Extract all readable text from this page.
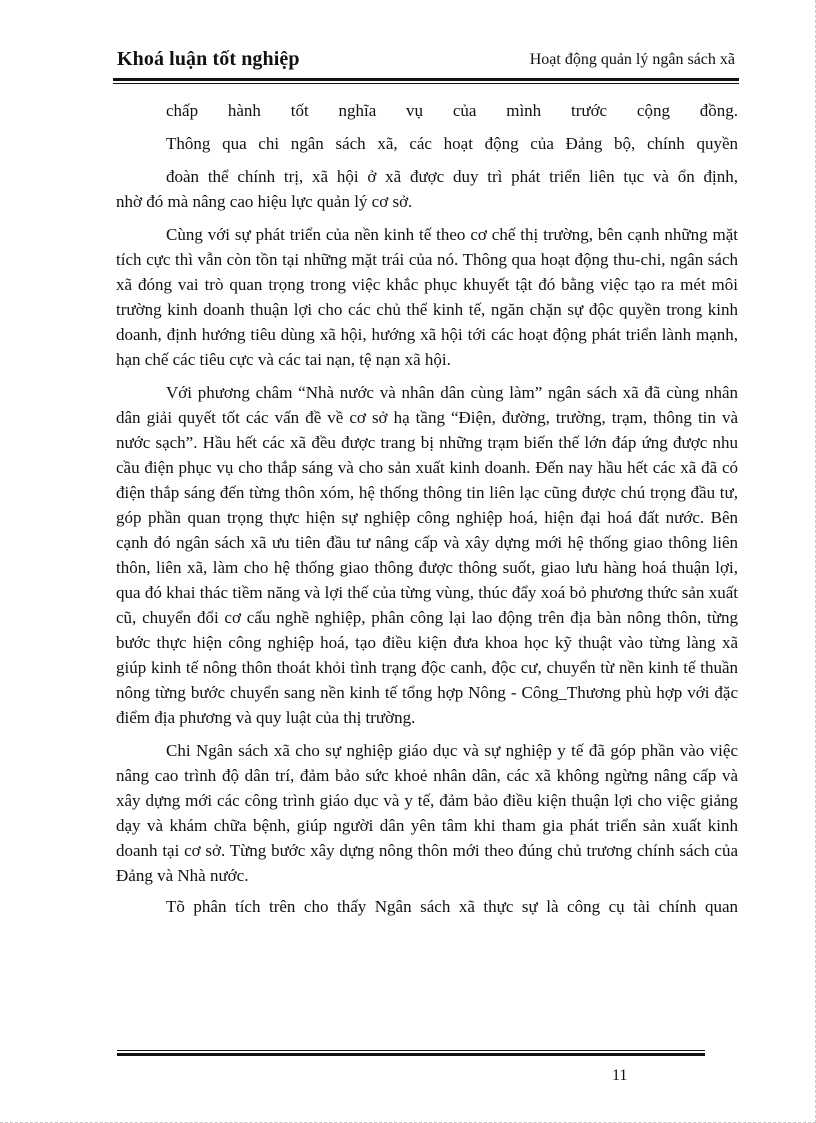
Khoá luận tốt nghiệp	Hoạt động quản lý ngân sách xã

chấp hành tốt nghĩa vụ của mình trước cộng đồng.

Thông qua chi ngân sách xã, các hoạt động của Đảng bộ, chính quyền

đoàn thể chính trị, xã hội ở xã được duy trì phát triển liên tục và ổn định,

nhờ đó mà nâng cao hiệu lực quản lý cơ sở.

Cùng với sự phát triển của nền kinh tế theo cơ chế thị trường, bên cạnh những mặt tích cực thì vẫn còn tồn tại những mặt trái của nó. Thông qua hoạt động thu-chi, ngân sách xã đóng vai trò quan trọng trong việc khắc phục khuyết tật đó bằng việc tạo ra mét môi trường kinh doanh thuận lợi cho các chủ thể kinh tế, ngăn chặn sự độc quyền trong kinh doanh, định hướng tiêu dùng xã hội, hướng xã hội tới các hoạt động phát triển lành mạnh, hạn chế các tiêu cực và các tai nạn, tệ nạn xã hội.

Với phương châm “Nhà nước và nhân dân cùng làm” ngân sách xã đã cùng nhân dân giải quyết tốt các vấn đề về cơ sở hạ tầng “Điện, đường, trường, trạm, thông tin và nước sạch”. Hầu hết các xã đều được trang bị những trạm biến thế lớn đáp ứng được nhu cầu điện phục vụ cho thắp sáng và cho sản xuất kinh doanh. Đến nay hầu hết các xã đã có điện thắp sáng đến từng thôn xóm, hệ thống thông tin liên lạc cũng được chú trọng đầu tư, góp phần quan trọng thực hiện sự nghiệp công nghiệp hoá, hiện đại hoá đất nước. Bên cạnh đó ngân sách xã ưu tiên đầu tư nâng cấp và xây dựng mới hệ thống giao thông liên thôn, liên xã, làm cho hệ thống giao thông được thông suốt, giao lưu hàng hoá thuận lợi, qua đó khai thác tiềm năng và lợi thế của từng vùng, thúc đẩy xoá bỏ phương thức sản xuất cũ, chuyển đổi cơ cấu nghề nghiệp, phân công lại lao động trên địa bàn nông thôn, từng bước thực hiện công nghiệp hoá, tạo điều kiện đưa khoa học kỹ thuật vào từng làng xã giúp kinh tế nông thôn thoát khỏi tình trạng độc canh, độc cư, chuyển từ nền kinh tế thuần nông từng bước chuyển sang nền kinh tế tổng hợp Nông - Công_Thương phù hợp với đặc điểm địa phương và quy luật của thị trường.

Chi Ngân sách xã cho sự nghiệp giáo dục và sự nghiệp y tế đã góp phần vào việc nâng cao trình độ dân trí, đảm bảo sức khoẻ nhân dân, các xã không ngừng nâng cấp và xây dựng mới các công trình giáo dục và y tế, đảm bảo điều kiện thuận lợi cho việc giảng dạy và khám chữa bệnh, giúp người dân yên tâm khi tham gia phát triển sản xuất kinh doanh tại cơ sở. Từng bước xây dựng nông thôn mới theo đúng chủ trương chính sách của Đảng và Nhà nước.

Tõ phân tích trên cho thấy Ngân sách xã thực sự là công cụ tài chính quan

11
